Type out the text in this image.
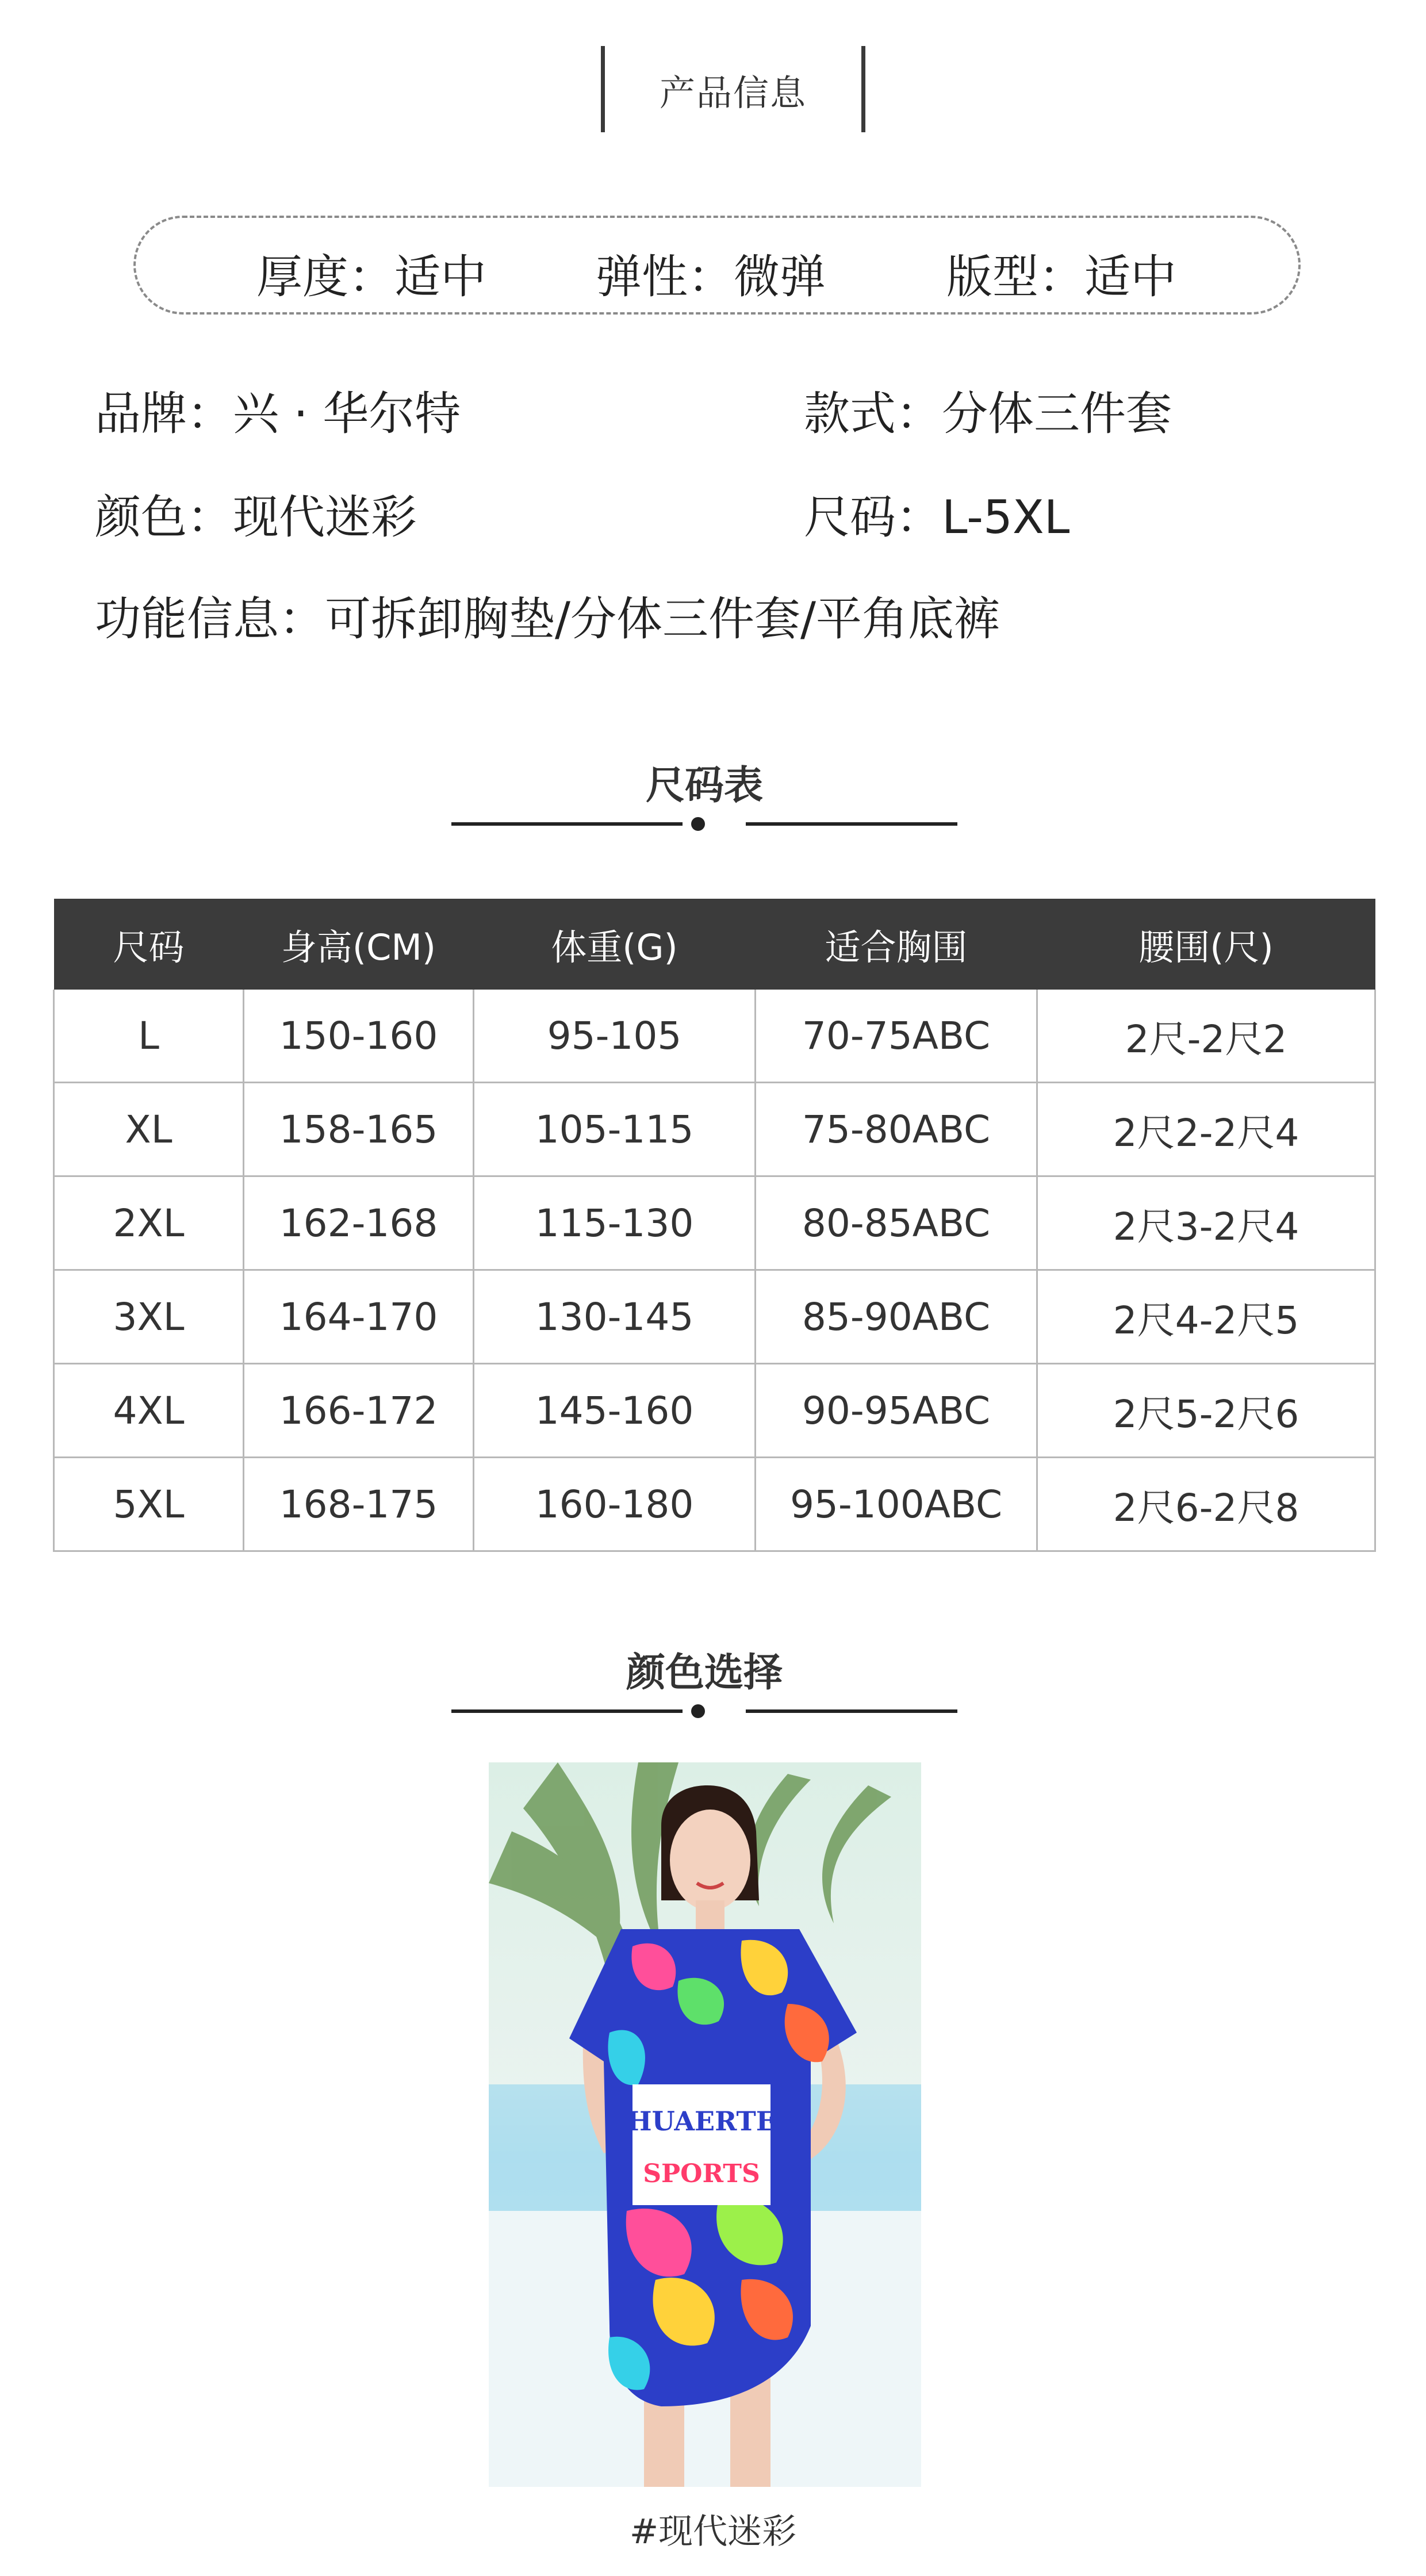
产品信息
厚度：适中 弹性：微弹	版型：适中
品牌：兴 · 华尔特	款式：分体三件套
颜色：现代迷彩	尺码：L-5XL
功能信息：可拆卸胸垫/分体三件套/平角底裤
尺码表
尺码	身高(CM)	体重(G)	适合胸围	腰围(尺)
L	150-160	95-105	70-75ABC	2尺-2尺2
XL	158-165	105-115	75-80ABC	2尺2-2尺4
2XL	162-168	115-130	80-85ABC	2尺3-2尺4
3XL	164-170	130-145	85-90ABC	2尺4-2尺5
4XL	166-172	145-160	90-95ABC	2尺5-2尺6
5XL	168-175	160-180	95-100ABC	2尺6-2尺8
颜色选择
HUAERTE
SPORTS
#现代迷彩
